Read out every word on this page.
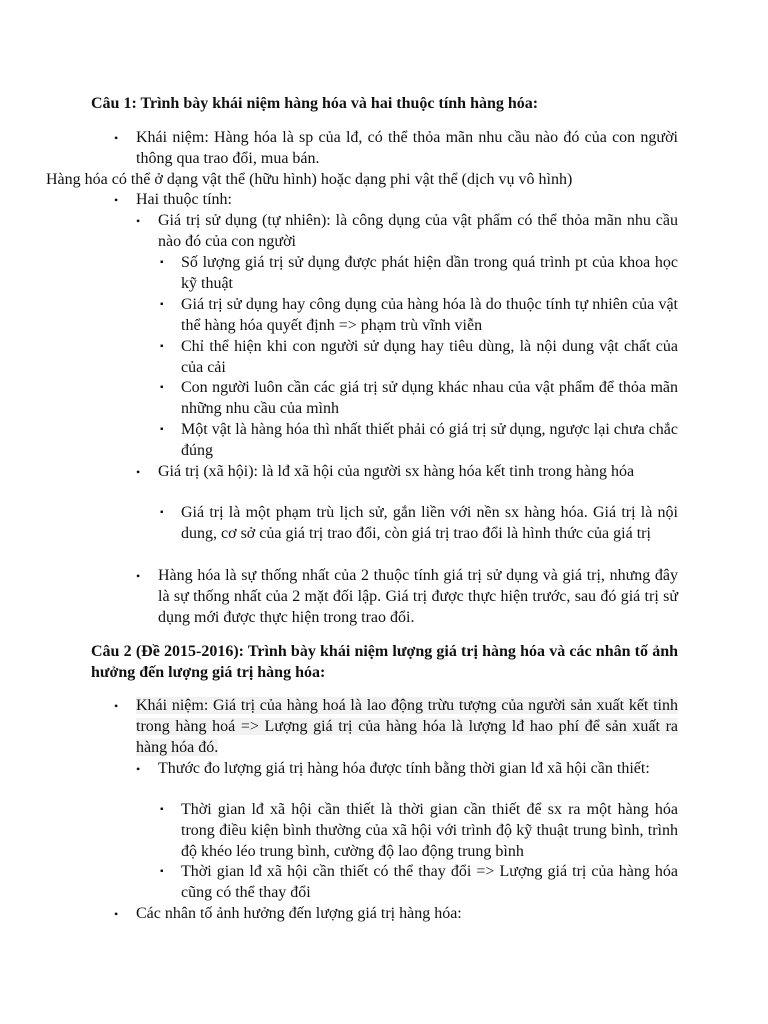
Câu 1: Trình bày khái niệm hàng hóa và hai thuộc tính hàng hóa:

• Khái niệm: Hàng hóa là sp của lđ, có thể thỏa mãn nhu cầu nào đó của con người thông qua trao đổi, mua bán.

Hàng hóa có thể ở dạng vật thể (hữu hình) hoặc dạng phi vật thể (dịch vụ vô hình)

• Hai thuộc tính:
• Giá trị sử dụng (tự nhiên): là công dụng của vật phẩm có thể thỏa mãn nhu cầu nào đó của con người
▪ Số lượng giá trị sử dụng được phát hiện dần trong quá trình pt của khoa học kỹ thuật
▪ Giá trị sử dụng hay công dụng của hàng hóa là do thuộc tính tự nhiên của vật thể hàng hóa quyết định => phạm trù vĩnh viễn
▪ Chỉ thể hiện khi con người sử dụng hay tiêu dùng, là nội dung vật chất của của cải
▪ Con người luôn cần các giá trị sử dụng khác nhau của vật phẩm để thỏa mãn những nhu cầu của mình
▪ Một vật là hàng hóa thì nhất thiết phải có giá trị sử dụng, ngược lại chưa chắc đúng
• Giá trị (xã hội): là lđ xã hội của người sx hàng hóa kết tinh trong hàng hóa
▪ Giá trị là một phạm trù lịch sử, gắn liền với nền sx hàng hóa. Giá trị là nội dung, cơ sở của giá trị trao đổi, còn giá trị trao đổi là hình thức của giá trị
• Hàng hóa là sự thống nhất của 2 thuộc tính giá trị sử dụng và giá trị, nhưng đây là sự thống nhất của 2 mặt đối lập. Giá trị được thực hiện trước, sau đó giá trị sử dụng mới được thực hiện trong trao đổi.

Câu 2 (Đề 2015-2016): Trình bày khái niệm lượng giá trị hàng hóa và các nhân tố ảnh hưởng đến lượng giá trị hàng hóa:

• Khái niệm: Giá trị của hàng hoá là lao động trừu tượng của người sản xuất kết tinh trong hàng hoá => Lượng giá trị của hàng hóa là lượng lđ hao phí để sản xuất ra hàng hóa đó.
• Thước đo lượng giá trị hàng hóa được tính bằng thời gian lđ xã hội cần thiết:
▪ Thời gian lđ xã hội cần thiết là thời gian cần thiết để sx ra một hàng hóa trong điều kiện bình thường của xã hội với trình độ kỹ thuật trung bình, trình độ khéo léo trung bình, cường độ lao động trung bình
▪ Thời gian lđ xã hội cần thiết có thể thay đổi => Lượng giá trị của hàng hóa cũng có thể thay đổi
• Các nhân tố ảnh hưởng đến lượng giá trị hàng hóa:
